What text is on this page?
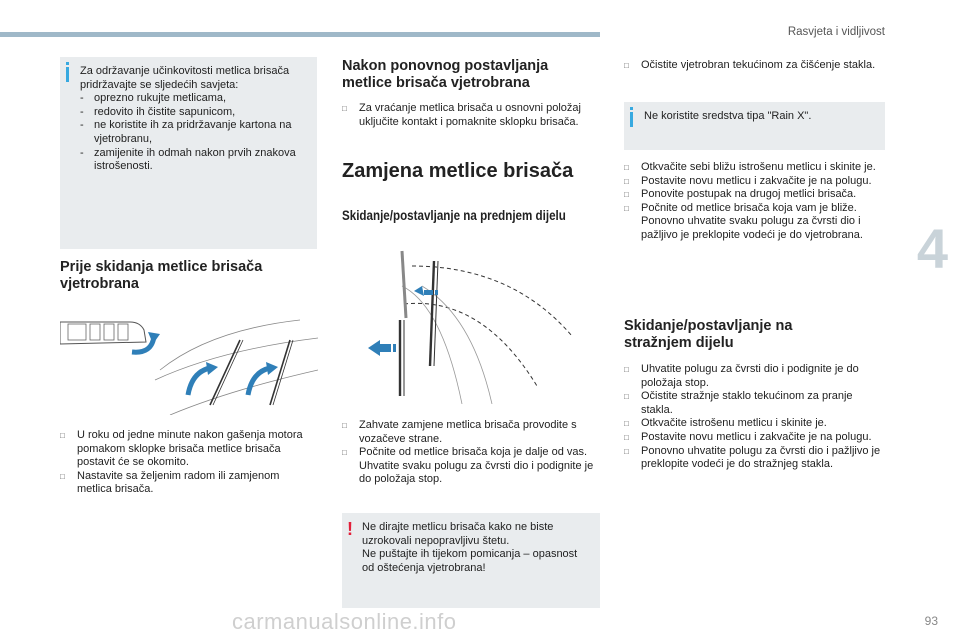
Rasvjeta i vidljivost
4
Za održavanje učinkovitosti metlica brisača pridržavajte se sljedećih savjeta:
- oprezno rukujte metlicama,
- redovito ih čistite sapunicom,
- ne koristite ih za pridržavanje kartona na vjetrobranu,
- zamijenite ih odmah nakon prvih znakova istrošenosti.
Prije skidanja metlice brisača vjetrobrana
□ U roku od jedne minute nakon gašenja motora pomakom sklopke brisača metlice brisača postavit će se okomito.
□ Nastavite sa željenim radom ili zamjenom metlica brisača.
Nakon ponovnog postavljanja metlice brisača vjetrobrana
□ Za vraćanje metlica brisača u osnovni položaj uključite kontakt i pomaknite sklopku brisača.
Zamjena metlice brisača
Skidanje/postavljanje na prednjem dijelu
□ Zahvate zamjene metlica brisača provodite s vozačeve strane.
□ Počnite od metlice brisača koja je dalje od vas. Uhvatite svaku polugu za čvrsti dio i podignite je do položaja stop.
! Ne dirajte metlicu brisača kako ne biste uzrokovali nepopravljivu štetu.
Ne puštajte ih tijekom pomicanja – opasnost od oštećenja vjetrobrana!
□ Očistite vjetrobran tekućinom za čišćenje stakla.
Ne koristite sredstva tipa "Rain X".
□ Otkvačite sebi bližu istrošenu metlicu i skinite je.
□ Postavite novu metlicu i zakvačite je na polugu.
□ Ponovite postupak na drugoj metlici brisača.
□ Počnite od metlice brisača koja vam je bliže. Ponovno uhvatite svaku polugu za čvrsti dio i pažljivo je preklopite vodeći je do vjetrobrana.
Skidanje/postavljanje na stražnjem dijelu
□ Uhvatite polugu za čvrsti dio i podignite je do položaja stop.
□ Očistite stražnje staklo tekućinom za pranje stakla.
□ Otkvačite istrošenu metlicu i skinite je.
□ Postavite novu metlicu i zakvačite je na polugu.
□ Ponovno uhvatite polugu za čvrsti dio i pažljivo je preklopite vodeći je do stražnjeg stakla.
carmanualsonline.info	93
